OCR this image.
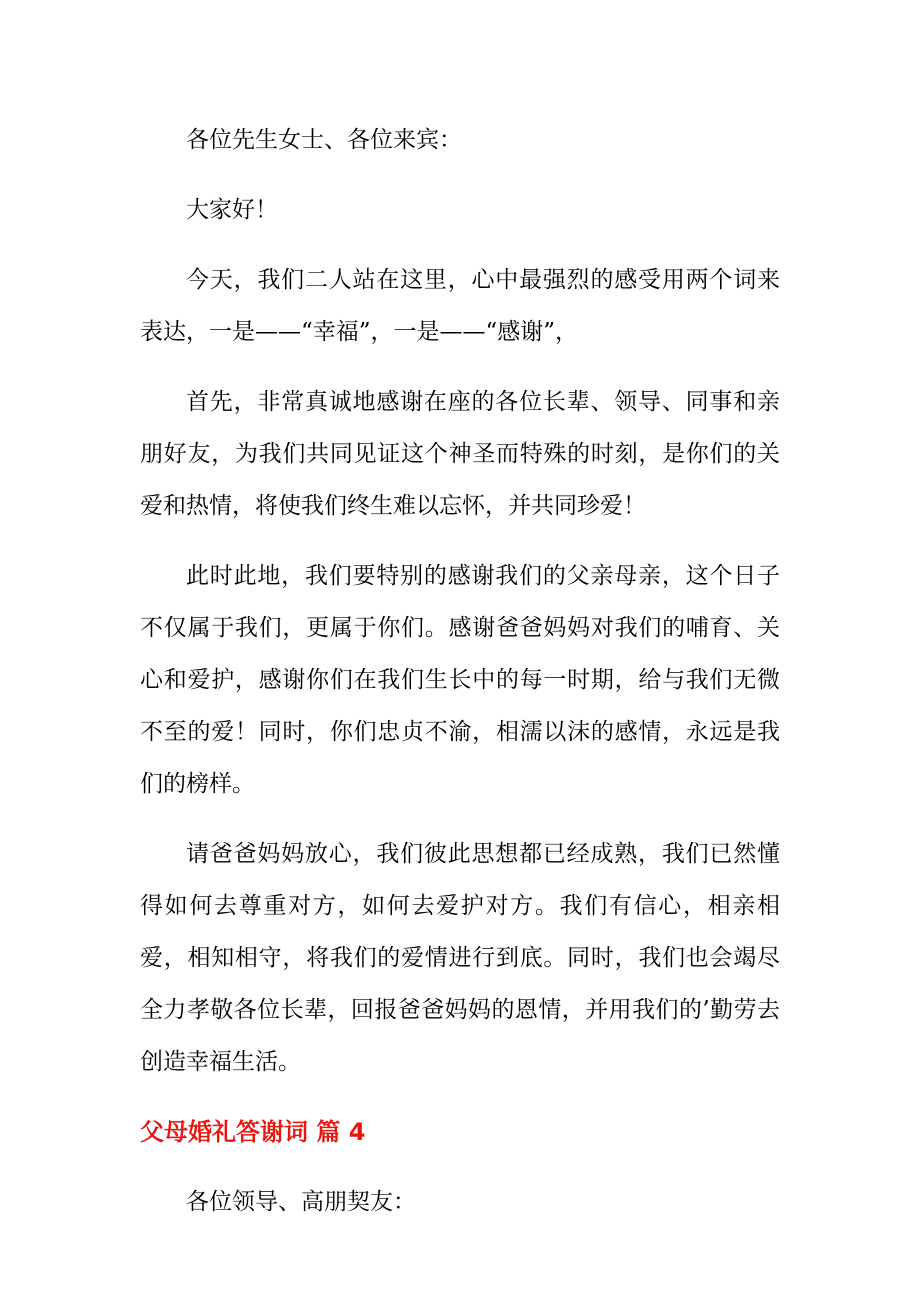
各位先生女士、各位来宾：

大家好！

今天，我们二人站在这里，心中最强烈的感受用两个词来表达，一是——“幸福”，一是——“感谢”，

首先，非常真诚地感谢在座的各位长辈、领导、同事和亲朋好友，为我们共同见证这个神圣而特殊的时刻，是你们的关爱和热情，将使我们终生难以忘怀，并共同珍爱！

此时此地，我们要特别的感谢我们的父亲母亲，这个日子不仅属于我们，更属于你们。感谢爸爸妈妈对我们的哺育、关心和爱护，感谢你们在我们生长中的每一时期，给与我们无微不至的爱！同时，你们忠贞不渝，相濡以沫的感情，永远是我们的榜样。

请爸爸妈妈放心，我们彼此思想都已经成熟，我们已然懂得如何去尊重对方，如何去爱护对方。我们有信心，相亲相爱，相知相守，将我们的爱情进行到底。同时，我们也会竭尽全力孝敬各位长辈，回报爸爸妈妈的恩情，并用我们的’勤劳去创造幸福生活。

父母婚礼答谢词 篇 4

各位领导、高朋契友：
